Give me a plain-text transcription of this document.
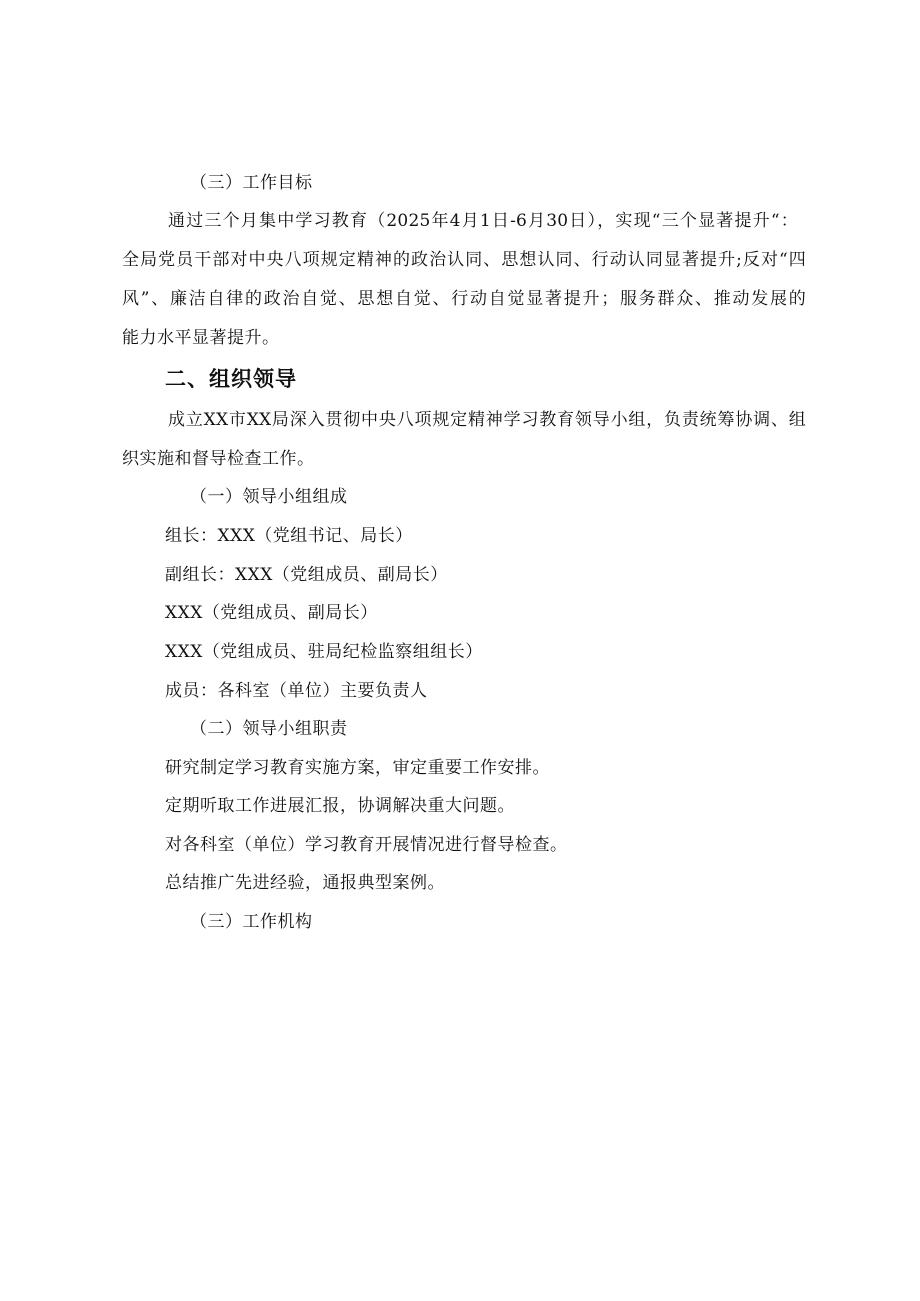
（三）工作目标
通过三个月集中学习教育（2025年4月1日-6月30日），实现“三个显著提升“：
全局党员干部对中央八项规定精神的政治认同、思想认同、行动认同显著提升;反对“四
风”、廉洁自律的政治自觉、思想自觉、行动自觉显著提升；服务群众、推动发展的
能力水平显著提升。
二、组织领导
成立XX市XX局深入贯彻中央八项规定精神学习教育领导小组，负责统筹协调、组
织实施和督导检查工作。
（一）领导小组组成
组长：XXX（党组书记、局长）
副组长：XXX（党组成员、副局长）
XXX（党组成员、副局长）
XXX（党组成员、驻局纪检监察组组长）
成员：各科室（单位）主要负责人
（二）领导小组职责
研究制定学习教育实施方案，审定重要工作安排。
定期听取工作进展汇报，协调解决重大问题。
对各科室（单位）学习教育开展情况进行督导检查。
总结推广先进经验，通报典型案例。
（三）工作机构
